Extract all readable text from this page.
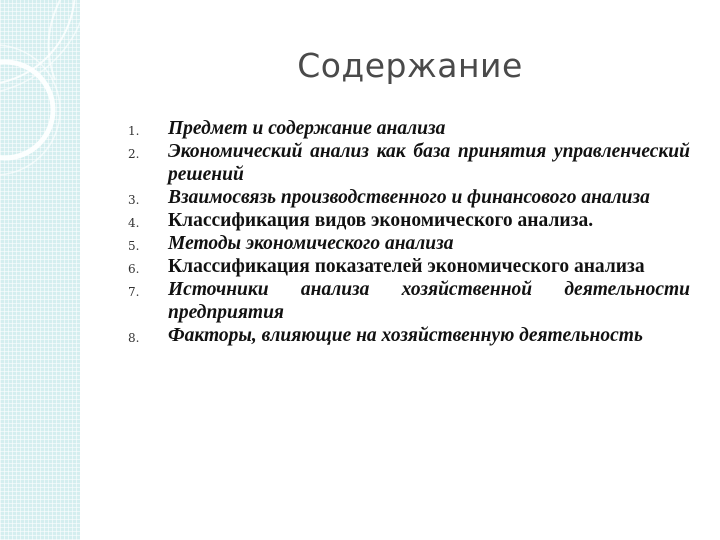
Содержание
1.	Предмет и содержание анализа
2.	Экономический анализ как база принятия управленческий решений
3.	Взаимосвязь производственного и финансового анализа
4.	Классификация видов экономического анализа.
5.	Методы экономического анализа
6.	Классификация показателей экономического анализа
7.	Источники анализа хозяйственной деятельности предприятия
8.	Факторы, влияющие на хозяйственную деятельность
